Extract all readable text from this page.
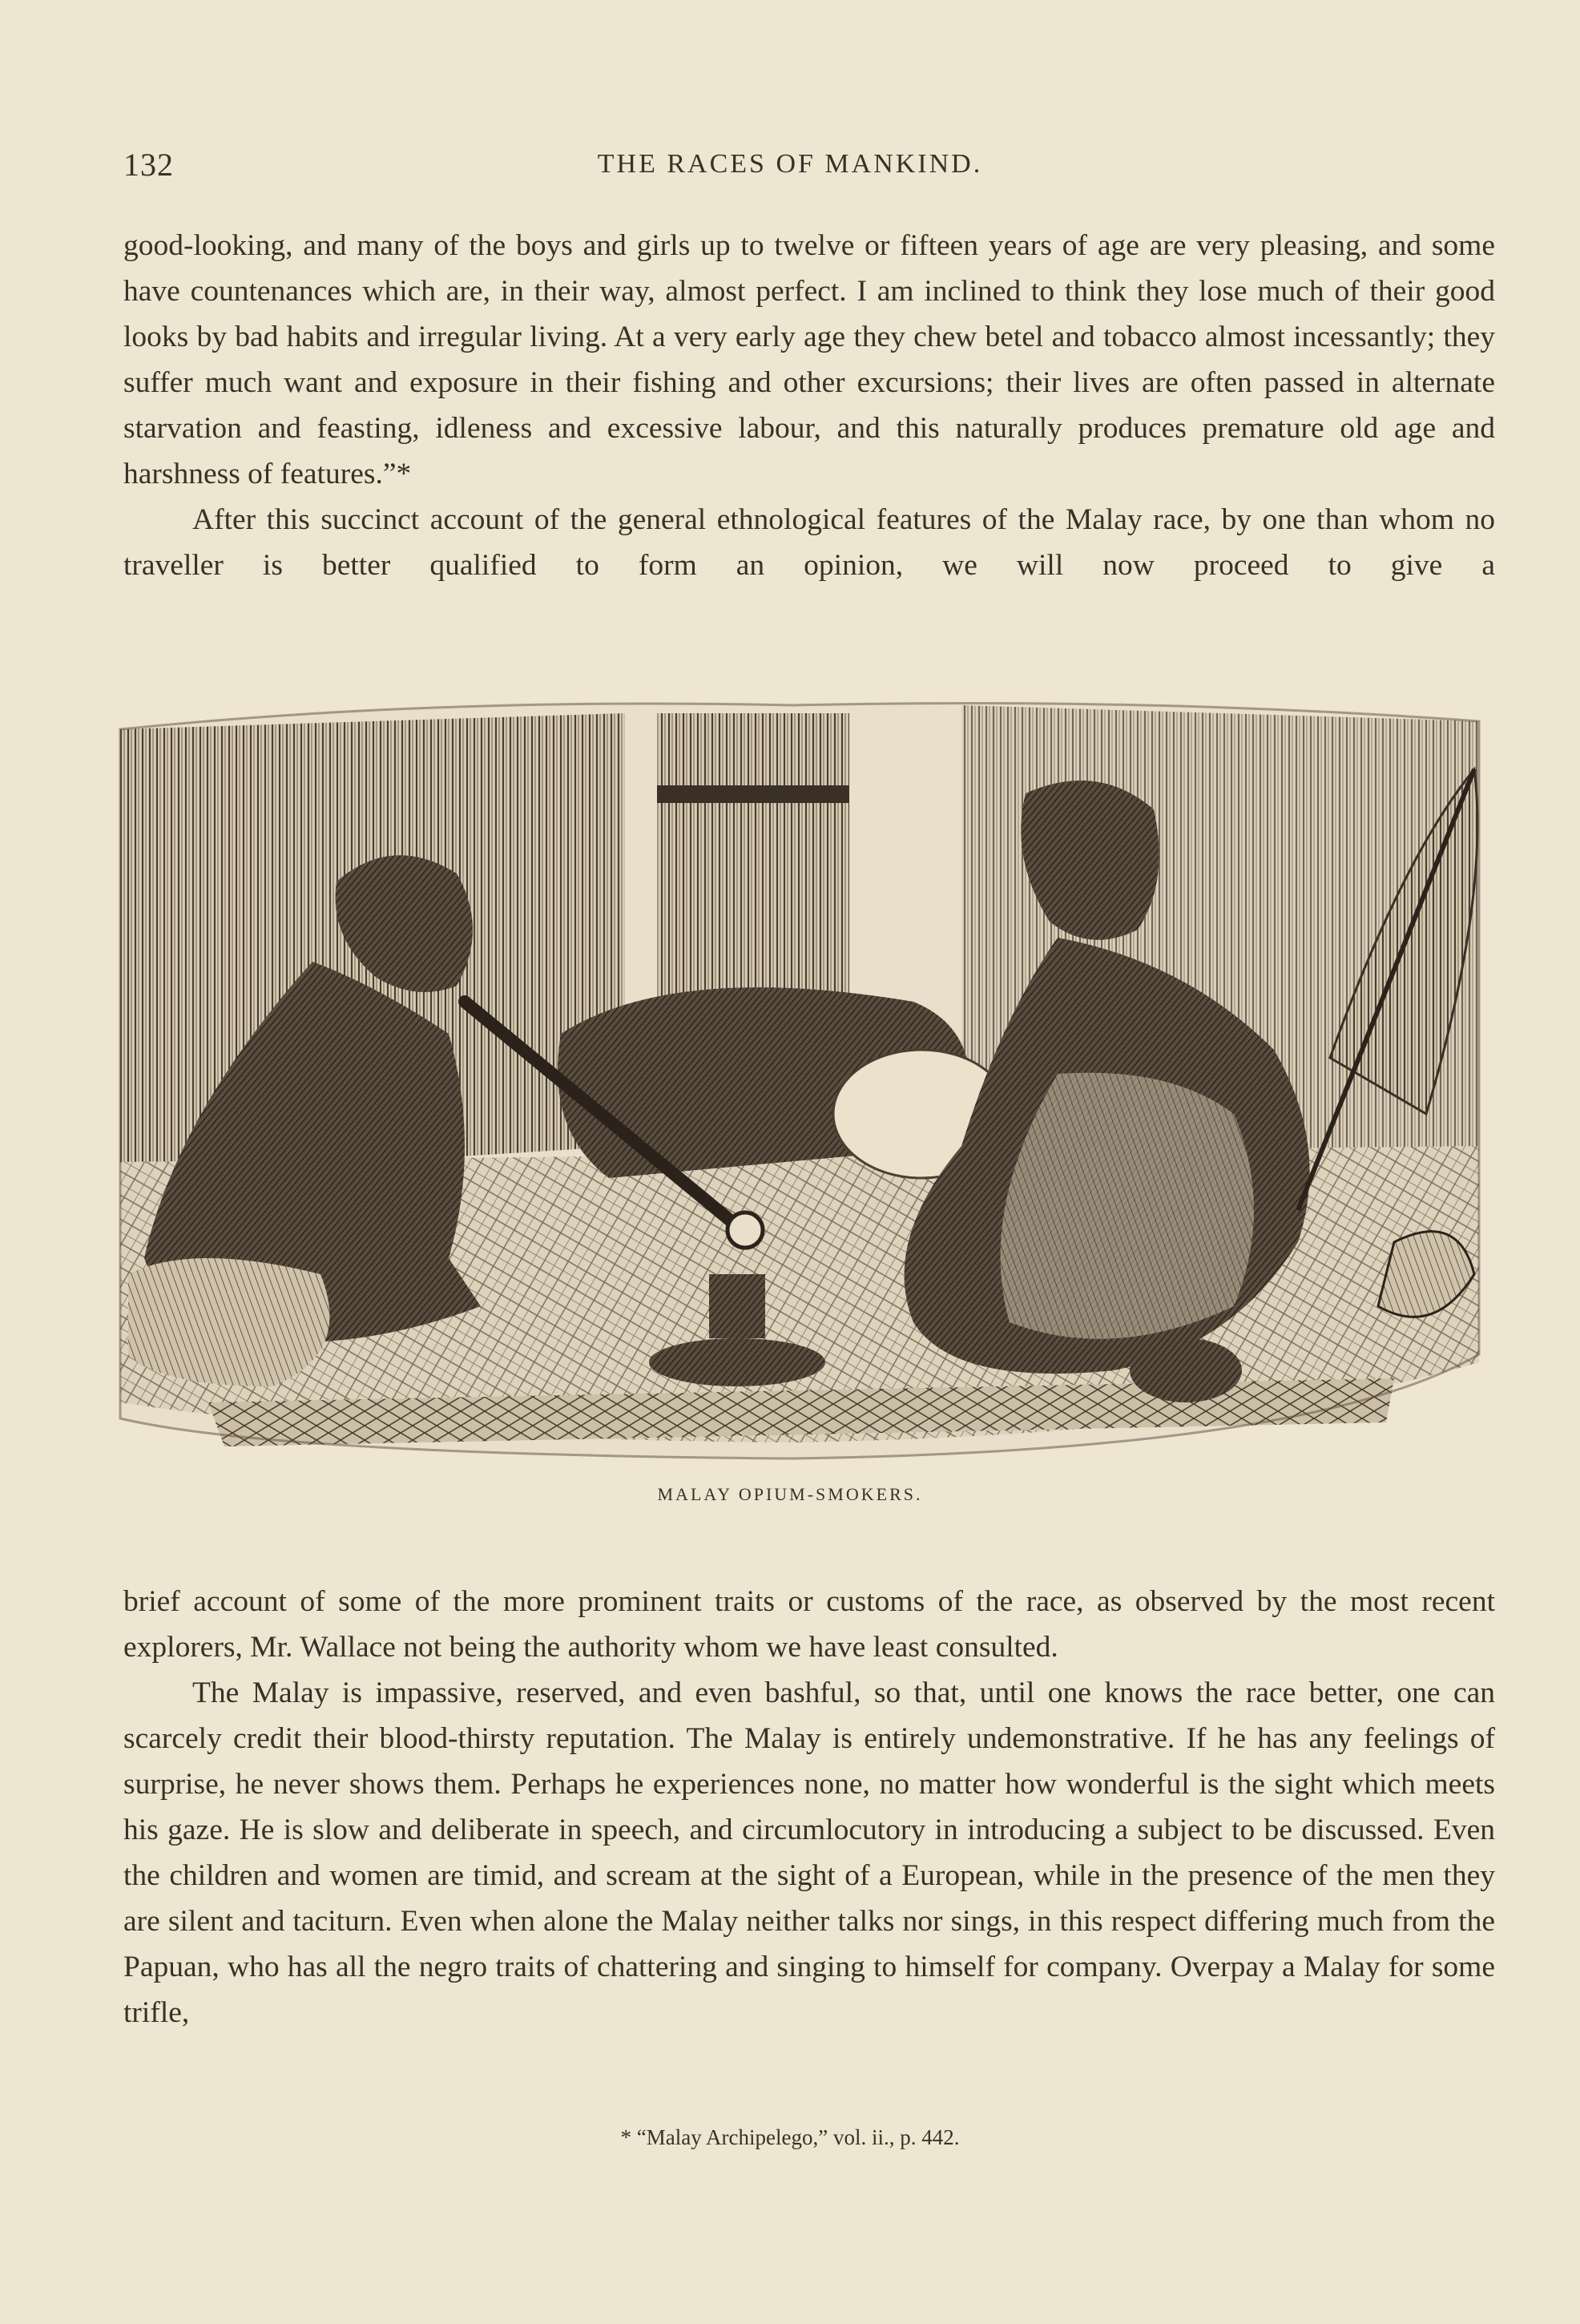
132	THE RACES OF MANKIND.

good-looking, and many of the boys and girls up to twelve or fifteen years of age are very pleasing, and some have countenances which are, in their way, almost perfect. I am inclined to think they lose much of their good looks by bad habits and irregular living. At a very early age they chew betel and tobacco almost incessantly; they suffer much want and exposure in their fishing and other excursions; their lives are often passed in alternate starvation and feasting, idleness and excessive labour, and this naturally produces premature old age and harshness of features.”*

After this succinct account of the general ethnological features of the Malay race, by one than whom no traveller is better qualified to form an opinion, we will now proceed to give a

MALAY OPIUM-SMOKERS.

brief account of some of the more prominent traits or customs of the race, as observed by the most recent explorers, Mr. Wallace not being the authority whom we have least consulted.

The Malay is impassive, reserved, and even bashful, so that, until one knows the race better, one can scarcely credit their blood-thirsty reputation. The Malay is entirely undemonstrative. If he has any feelings of surprise, he never shows them. Perhaps he experiences none, no matter how wonderful is the sight which meets his gaze. He is slow and deliberate in speech, and circumlocutory in introducing a subject to be discussed. Even the children and women are timid, and scream at the sight of a European, while in the presence of the men they are silent and taciturn. Even when alone the Malay neither talks nor sings, in this respect differing much from the Papuan, who has all the negro traits of chattering and singing to himself for company. Overpay a Malay for some trifle,

* “Malay Archipelego,” vol. ii., p. 442.
